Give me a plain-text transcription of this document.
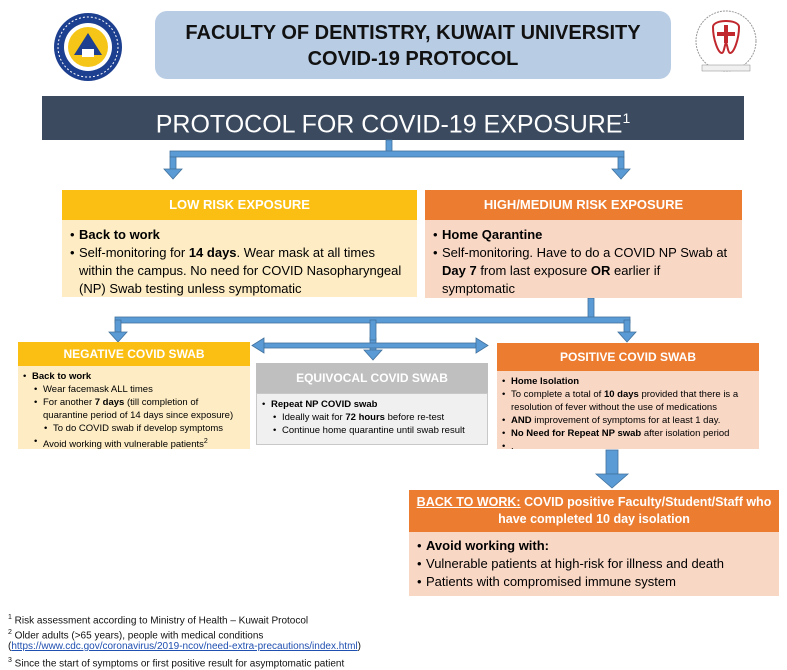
FACULTY OF DENTISTRY, KUWAIT UNIVERSITY
COVID-19 PROTOCOL
PROTOCOL FOR COVID-19 EXPOSURE$^1$
LOW RISK EXPOSURE
• Back to work
• Self-monitoring for 14 days. Wear mask at all times within the campus. No need for COVID Nasopharyngeal (NP) Swab testing unless symptomatic
HIGH/MEDIUM RISK EXPOSURE
• Home Qarantine
• Self-monitoring. Have to do a COVID NP Swab at Day 7 from last exposure OR earlier if symptomatic
NEGATIVE COVID SWAB
• Back to work
• Wear facemask ALL times
• For another 7 days (till completion of quarantine period of 14 days since exposure)
• To do COVID swab if develop symptoms
• Avoid working with vulnerable patients$^2$
EQUIVOCAL COVID SWAB
• Repeat NP COVID swab
• Ideally wait for 72 hours before re-test
• Continue home quarantine until swab result
POSITIVE COVID SWAB
• Home Isolation
• To complete a total of 10 days provided that there is a resolution of fever without the use of medications
• AND improvement of symptoms for at least 1 day.
• No Need for Repeat NP swab after isolation period
• .
BACK TO WORK: COVID positive Faculty/Student/Staff who have completed 10 day isolation
• Avoid working with:
• Vulnerable patients at high-risk for illness and death
• Patients with compromised immune system
$^1$ Risk assessment according to Ministry of Health – Kuwait Protocol
$^2$ Older adults (>65 years), people with medical conditions
(https://www.cdc.gov/coronavirus/2019-ncov/need-extra-precautions/index.html)
$^3$ Since the start of symptoms or first positive result for asymptomatic patient
